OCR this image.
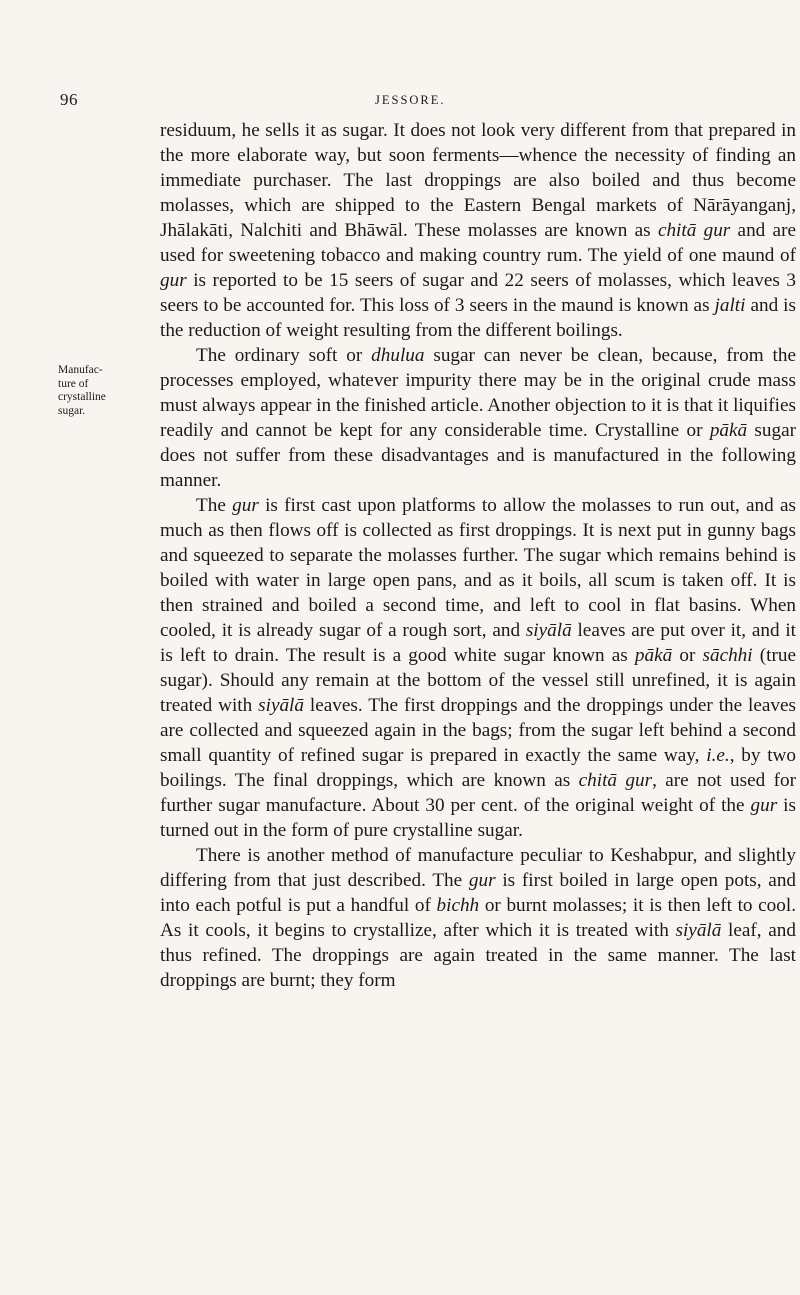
96	JESSORE.
Manufac-
ture of
crystalline
sugar.

residuum, he sells it as sugar. It does not look very different from that prepared in the more elaborate way, but soon ferments—whence the necessity of finding an immediate purchaser. The last droppings are also boiled and thus become molasses, which are shipped to the Eastern Bengal markets of Nārāyanganj, Jhālakāti, Nalchiti and Bhāwāl. These molasses are known as chitā gur and are used for sweetening tobacco and making country rum. The yield of one maund of gur is reported to be 15 seers of sugar and 22 seers of molasses, which leaves 3 seers to be accounted for. This loss of 3 seers in the maund is known as jalti and is the reduction of weight resulting from the different boilings.

The ordinary soft or dhulua sugar can never be clean, because, from the processes employed, whatever impurity there may be in the original crude mass must always appear in the finished article. Another objection to it is that it liquifies readily and cannot be kept for any considerable time. Crystalline or pākā sugar does not suffer from these disadvantages and is manufactured in the following manner.

The gur is first cast upon platforms to allow the molasses to run out, and as much as then flows off is collected as first droppings. It is next put in gunny bags and squeezed to separate the molasses further. The sugar which remains behind is boiled with water in large open pans, and as it boils, all scum is taken off. It is then strained and boiled a second time, and left to cool in flat basins. When cooled, it is already sugar of a rough sort, and siyālā leaves are put over it, and it is left to drain. The result is a good white sugar known as pākā or sāchhi (true sugar). Should any remain at the bottom of the vessel still unrefined, it is again treated with siyālā leaves. The first droppings and the droppings under the leaves are collected and squeezed again in the bags; from the sugar left behind a second small quantity of refined sugar is prepared in exactly the same way, i.e., by two boilings. The final droppings, which are known as chitā gur, are not used for further sugar manufacture. About 30 per cent. of the original weight of the gur is turned out in the form of pure crystalline sugar.

There is another method of manufacture peculiar to Keshabpur, and slightly differing from that just described. The gur is first boiled in large open pots, and into each potful is put a handful of bichh or burnt molasses; it is then left to cool. As it cools, it begins to crystallize, after which it is treated with siyālā leaf, and thus refined. The droppings are again treated in the same manner. The last droppings are burnt; they form
